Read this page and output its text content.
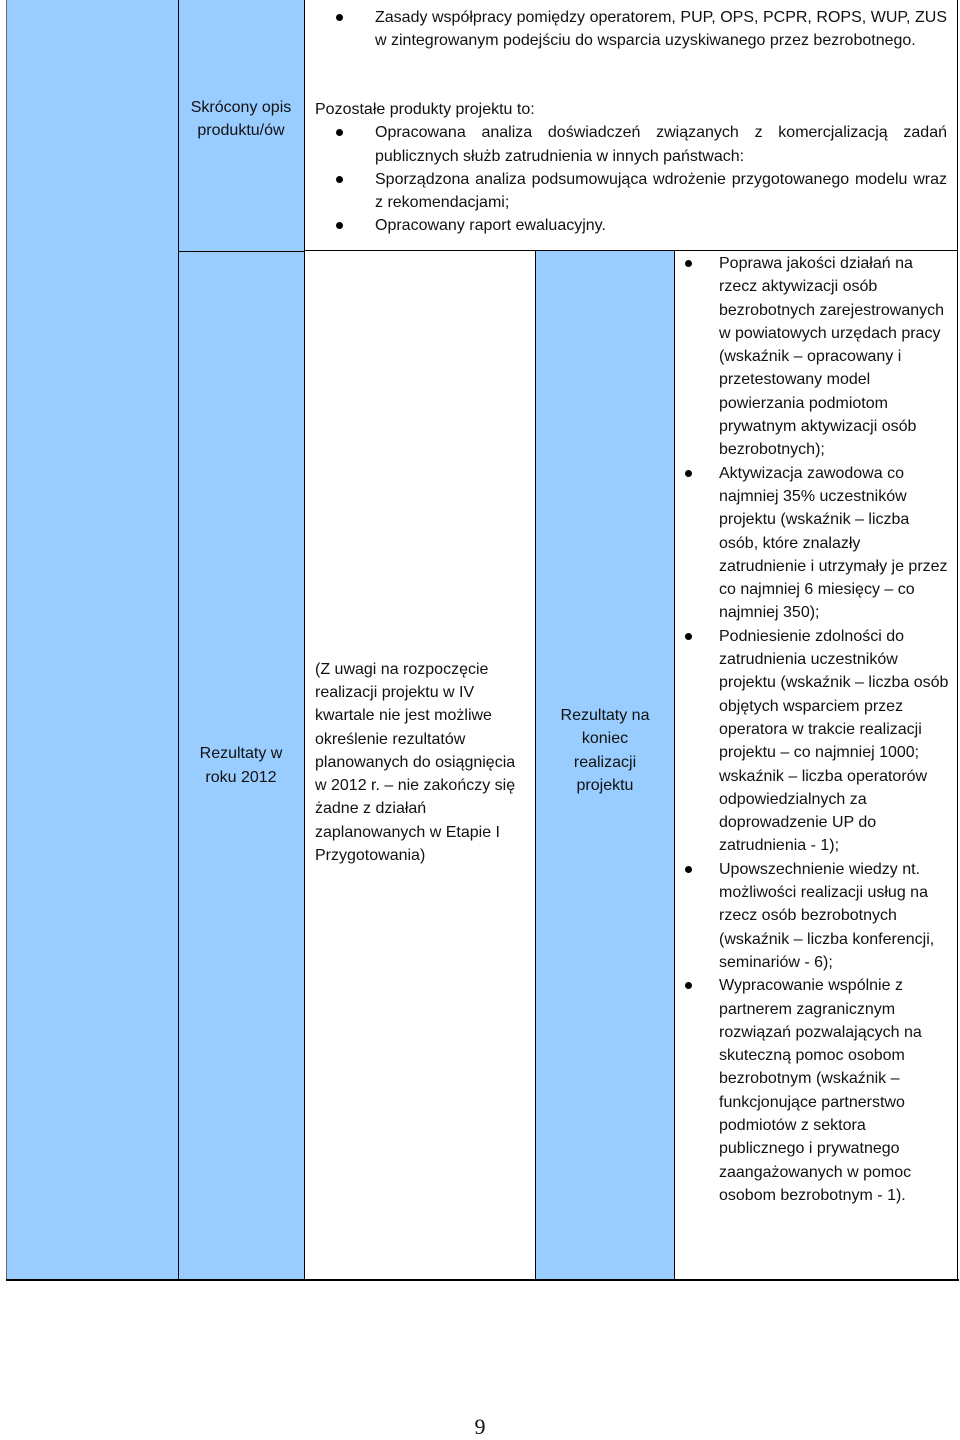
Zasady współpracy pomiędzy operatorem, PUP, OPS, PCPR, ROPS, WUP, ZUS w zintegrowanym podejściu do wsparcia uzyskiwanego przez bezrobotnego.
Skrócony opis produktu/ów
Pozostałe produkty projektu to:
Opracowana analiza doświadczeń związanych z komercjalizacją zadań publicznych służb zatrudnienia w innych państwach:
Sporządzona analiza podsumowująca wdrożenie przygotowanego modelu wraz z rekomendacjami;
Opracowany raport ewaluacyjny.
Rezultaty w roku 2012
(Z uwagi na rozpoczęcie realizacji projektu w IV kwartale nie jest możliwe określenie rezultatów planowanych do osiągnięcia w 2012 r. – nie zakończy się żadne z działań zaplanowanych w Etapie I Przygotowania)
Rezultaty na koniec realizacji projektu
Poprawa jakości działań na rzecz aktywizacji osób bezrobotnych zarejestrowanych w powiatowych urzędach pracy (wskaźnik – opracowany i przetestowany model powierzania podmiotom prywatnym aktywizacji osób bezrobotnych);
Aktywizacja zawodowa co najmniej 35% uczestników projektu (wskaźnik – liczba osób, które znalazły zatrudnienie i utrzymały je przez co najmniej 6 miesięcy – co najmniej 350);
Podniesienie zdolności do zatrudnienia uczestników projektu (wskaźnik – liczba osób objętych wsparciem przez operatora w trakcie realizacji projektu – co najmniej 1000; wskaźnik – liczba operatorów odpowiedzialnych za doprowadzenie UP do zatrudnienia - 1);
Upowszechnienie wiedzy nt. możliwości realizacji usług na rzecz osób bezrobotnych (wskaźnik – liczba konferencji, seminariów - 6);
Wypracowanie wspólnie z partnerem zagranicznym rozwiązań pozwalających na skuteczną pomoc osobom bezrobotnym (wskaźnik – funkcjonujące partnerstwo podmiotów z sektora publicznego i prywatnego zaangażowanych w pomoc osobom bezrobotnym - 1).
9
